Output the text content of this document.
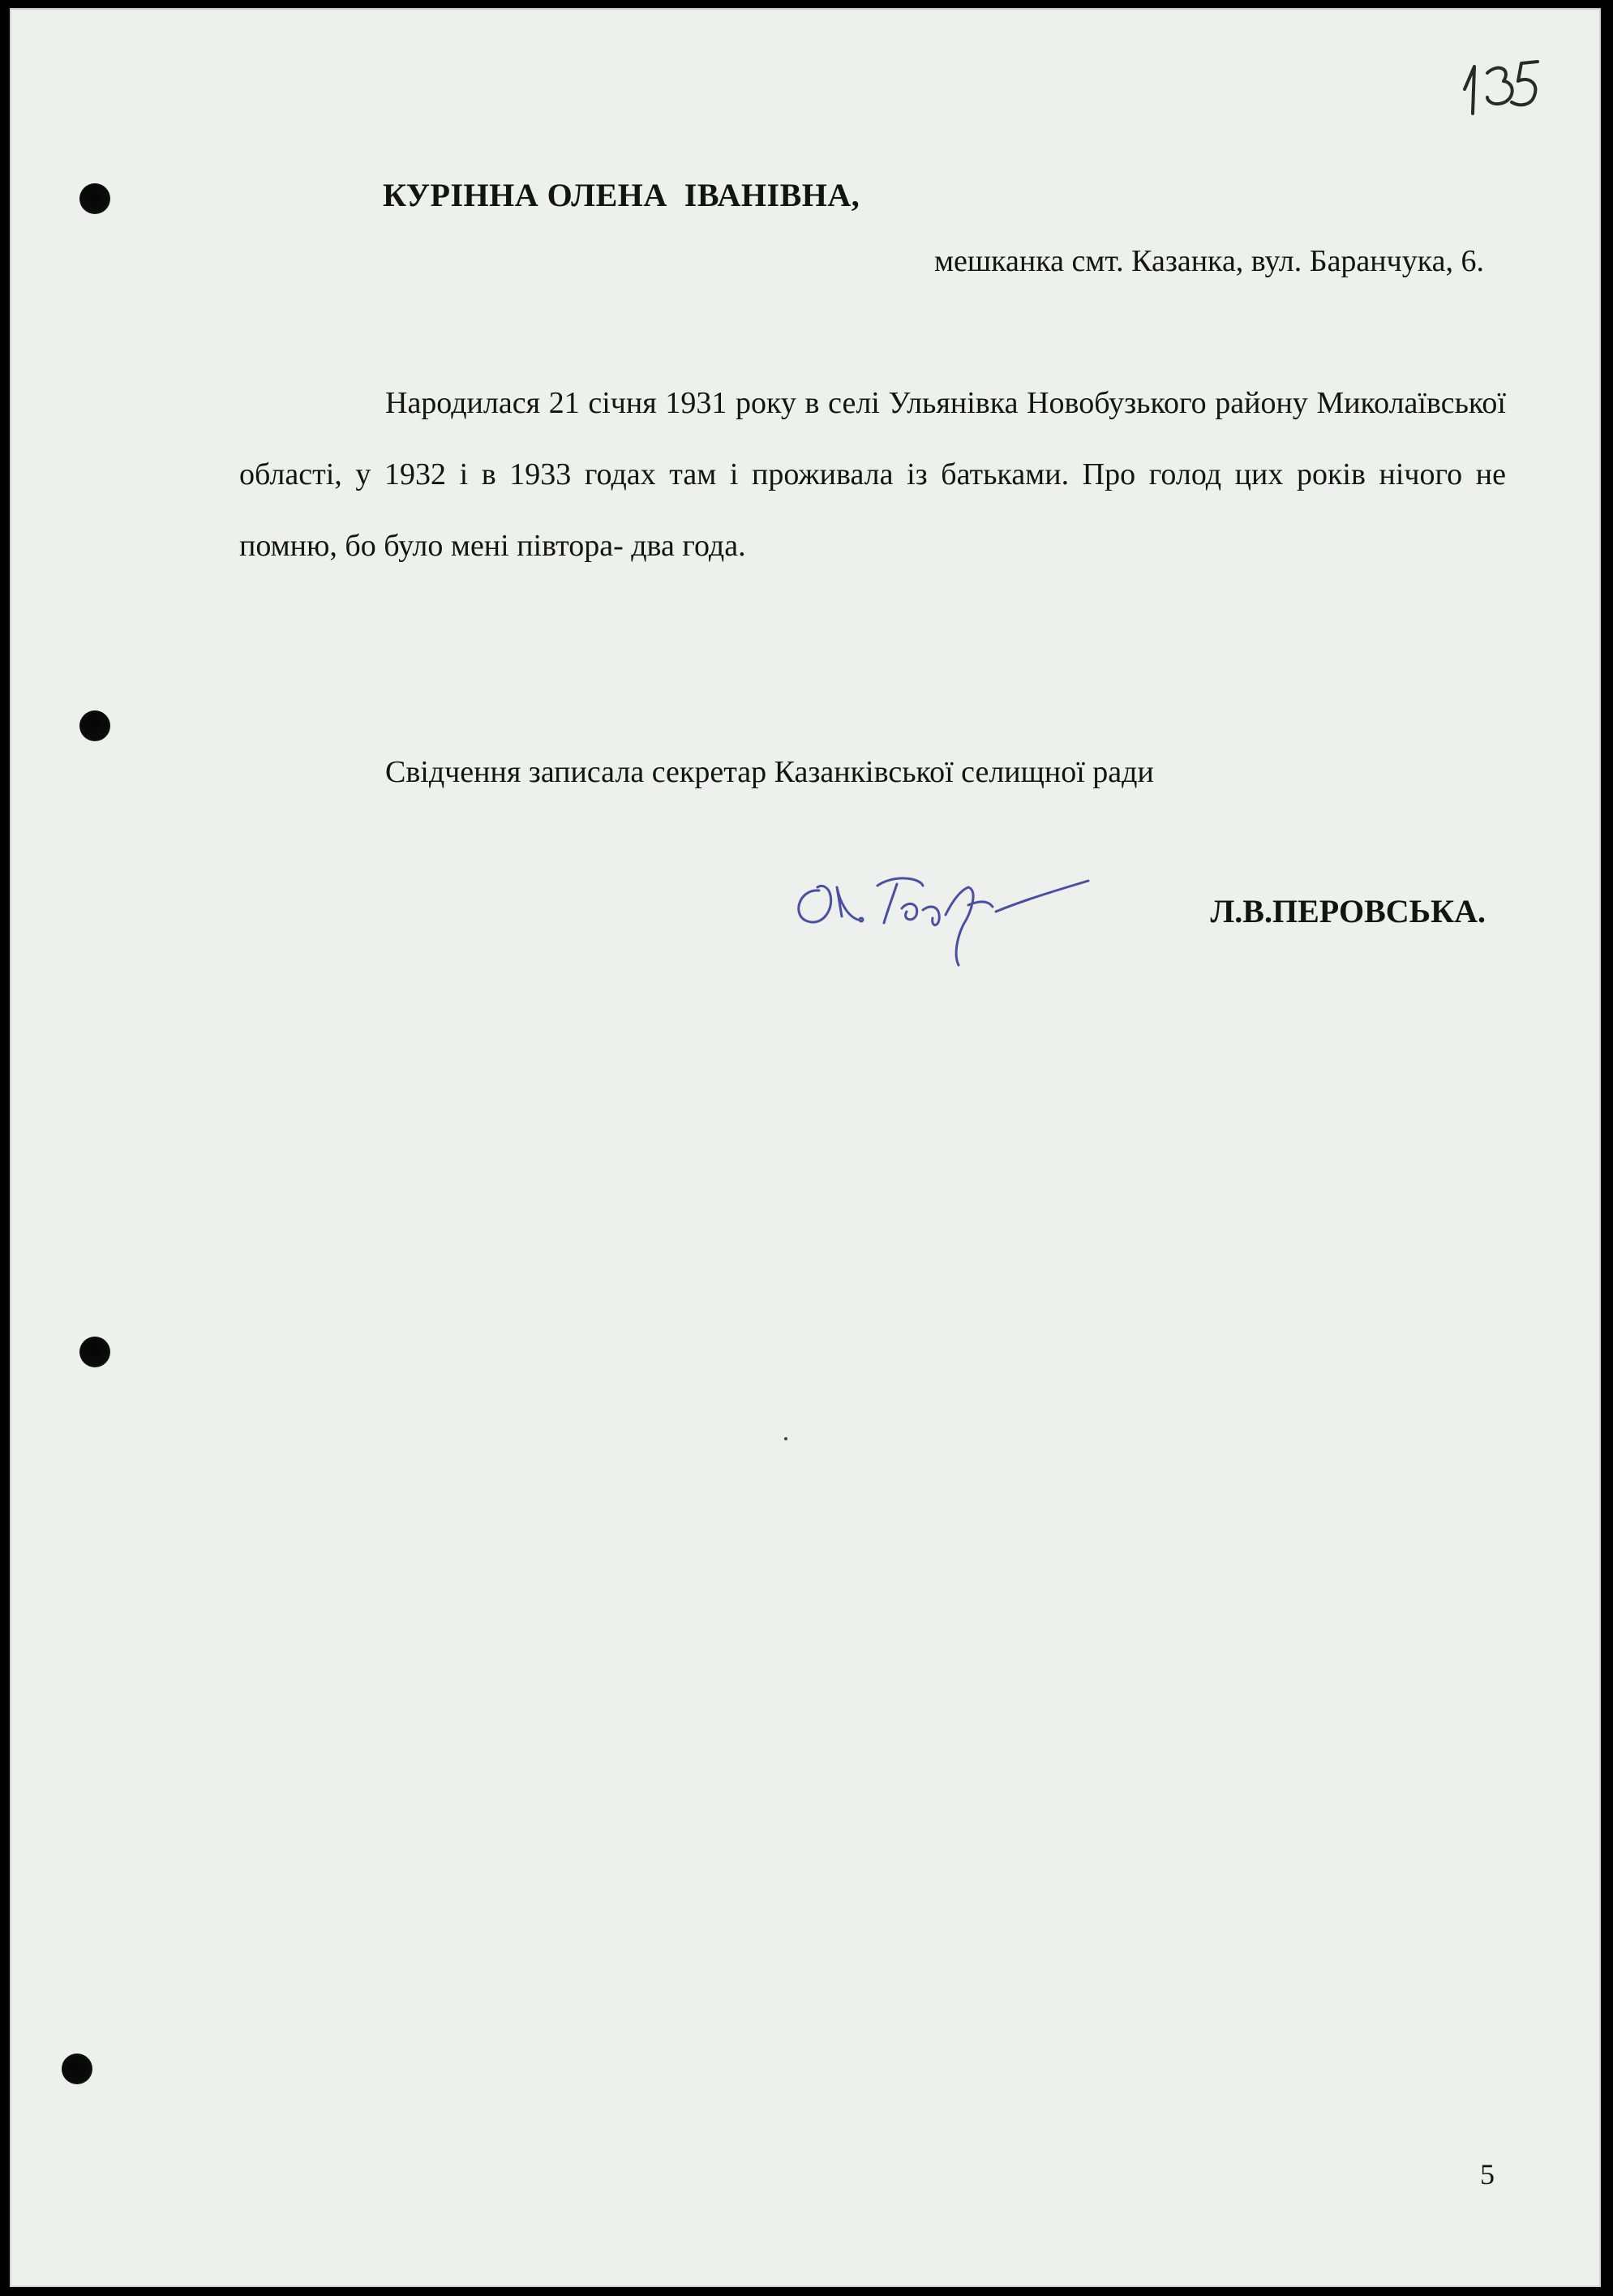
КУРІННА ОЛЕНА  ІВАНІВНА,
мешканка смт. Казанка, вул. Баранчука, 6.
Народилася 21 січня 1931 року в селі Ульянівка Новобузького району Миколаївської області, у 1932 і в 1933 годах там і проживала із батьками. Про голод цих років нічого не помню, бо було мені півтора- два года.
Свідчення записала секретар Казанківської селищної ради
Л.В.ПЕРОВСЬКА.
5
